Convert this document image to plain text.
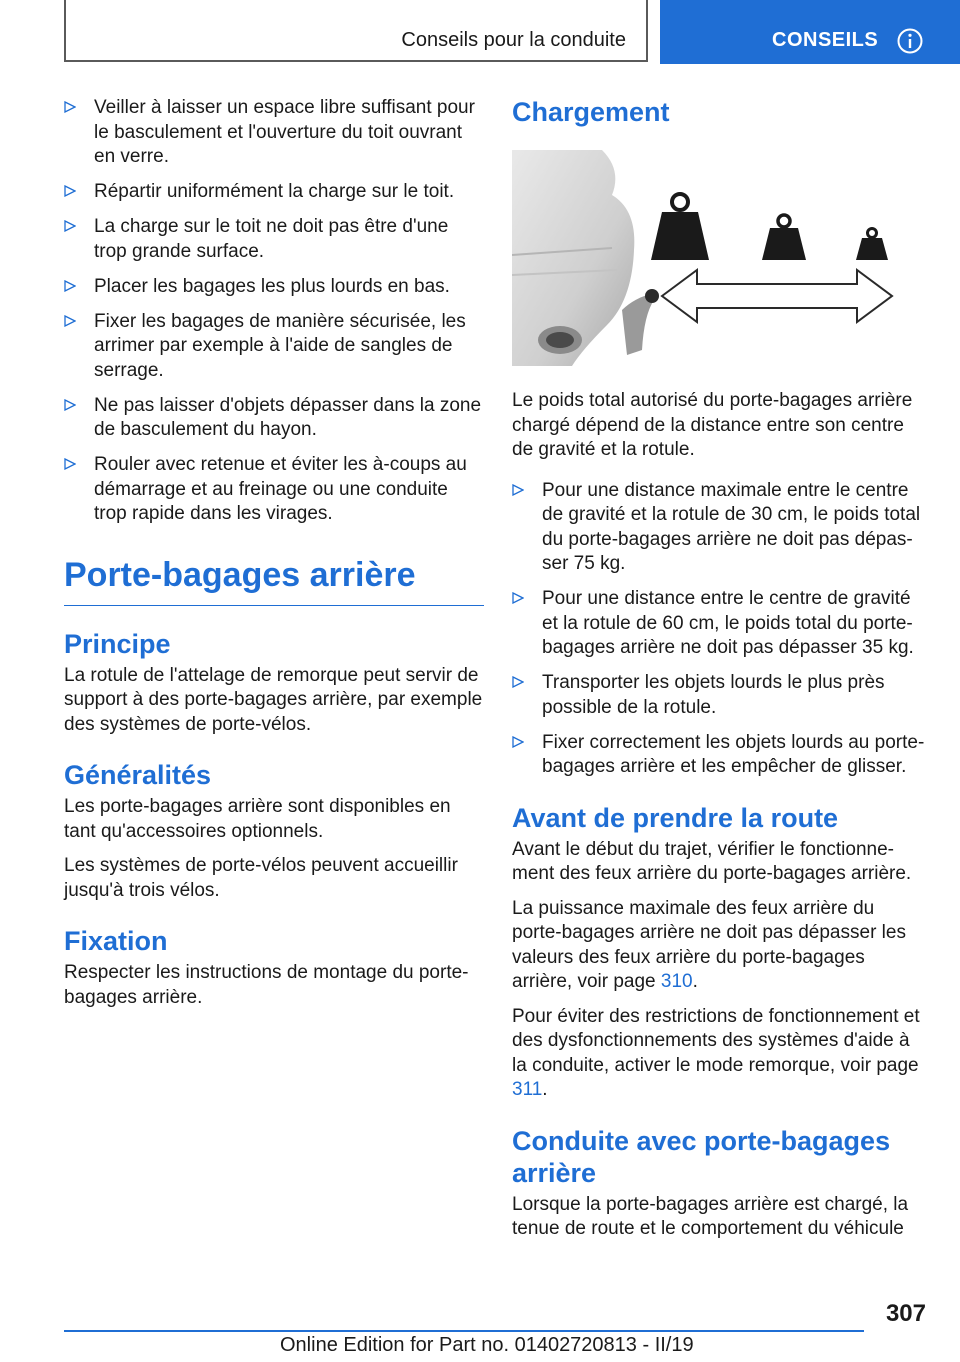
Conseils pour la conduite	CONSEILS
Veiller à laisser un espace libre suffisant pour le basculement et l'ouverture du toit ouvrant en verre.
Répartir uniformément la charge sur le toit.
La charge sur le toit ne doit pas être d'une trop grande surface.
Placer les bagages les plus lourds en bas.
Fixer les bagages de manière sécurisée, les arrimer par exemple à l'aide de sangles de serrage.
Ne pas laisser d'objets dépasser dans la zone de basculement du hayon.
Rouler avec retenue et éviter les à-coups au démarrage et au freinage ou une conduite trop rapide dans les virages.
Porte-bagages arrière
Principe

La rotule de l'attelage de remorque peut servir de support à des porte-bagages arrière, par exemple des systèmes de porte-vélos.

Généralités

Les porte-bagages arrière sont disponibles en tant qu'accessoires optionnels.

Les systèmes de porte-vélos peuvent accueillir jusqu'à trois vélos.

Fixation

Respecter les instructions de montage du porte-bagages arrière.

Chargement

Le poids total autorisé du porte-bagages arrière chargé dépend de la distance entre son centre de gravité et la rotule.

Pour une distance maximale entre le centre de gravité et la rotule de 30 cm, le poids total du porte-bagages arrière ne doit pas dépasser 75 kg.
Pour une distance entre le centre de gravité et la rotule de 60 cm, le poids total du porte-bagages arrière ne doit pas dépasser 35 kg.
Transporter les objets lourds le plus près possible de la rotule.
Fixer correctement les objets lourds au porte-bagages arrière et les empêcher de glisser.
Avant de prendre la route

Avant le début du trajet, vérifier le fonctionnement des feux arrière du porte-bagages arrière.

La puissance maximale des feux arrière du porte-bagages arrière ne doit pas dépasser les valeurs des feux arrière du porte-bagages arrière, voir page 310.

Pour éviter des restrictions de fonctionnement et des dysfonctionnements des systèmes d'aide à la conduite, activer le mode remorque, voir page 311.

Conduite avec porte-bagages arrière

Lorsque la porte-bagages arrière est chargé, la tenue de route et le comportement du véhicule

307
Online Edition for Part no. 01402720813 - II/19
